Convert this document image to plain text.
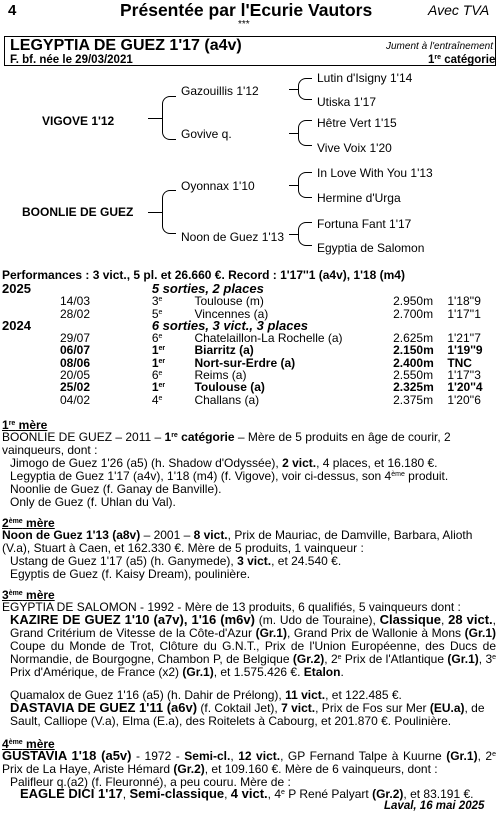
4	Présentée par l'Ecurie Vautors
***
Avec TVA
LEGYPTIA DE GUEZ 1'17 (a4v)	Jument à l'entraînement
F. bf. née le 29/03/2021	1re catégorie
VIGOVE 1'12
BOONLIE DE GUEZ
Gazouillis 1'12
Govive q.
Oyonnax 1'10
Noon de Guez 1'13
Lutin d'Isigny 1'14
Utiska 1'17
Hêtre Vert 1'15
Vive Voix 1'20
In Love With You 1'13
Hermine d'Urga
Fortuna Fant 1'17
Egyptia de Salomon
Performances : 3 vict., 5 pl. et 26.660 €. Record : 1'17''1 (a4v), 1'18 (m4)
2025	5 sorties, 2 places			
14/03	3e	Toulouse (m)	2.950m	1'18''9
28/02	5e	Vincennes (a)	2.700m	1'17''1
2024	6 sorties, 3 vict., 3 places			
29/07	6e	Chatelaillon-La Rochelle (a)	2.625m	1'21''7
06/07	1er	Biarritz (a)	2.150m	1'19''9
08/06	1er	Nort-sur-Erdre (a)	2.400m	TNC
20/05	6e	Reims (a)	2.550m	1'17''3
25/02	1er	Toulouse (a)	2.325m	1'20''4
04/02	4e	Challans (a)	2.375m	1'20''6
1re mère
BOONLIE DE GUEZ – 2011 – 1re catégorie – Mère de 5 produits en âge de courir, 2 vainqueurs, dont :
Jimogo de Guez 1'26 (a5) (h. Shadow d'Odyssée), 2 vict., 4 places, et 16.180 €.
Legyptia de Guez 1'17 (a4v), 1'18 (m4) (f. Vigove), voir ci-dessus, son 4ème produit.
Noonlie de Guez (f. Ganay de Banville).
Only de Guez (f. Uhlan du Val).
2ème mère
Noon de Guez 1'13 (a8v) – 2001 – 8 vict., Prix de Mauriac, de Damville, Barbara, Alioth (V.a), Stuart à Caen, et 162.330 €. Mère de 5 produits, 1 vainqueur :
Ustang de Guez 1'17 (a5) (h. Ganymede), 3 vict., et 24.540 €.
Egyptis de Guez (f. Kaisy Dream), poulinière.
3ème mère
EGYPTIA DE SALOMON - 1992 - Mère de 13 produits, 6 qualifiés, 5 vainqueurs dont :
KAZIRE DE GUEZ 1'10 (a7v), 1'16 (m6v) (m. Udo de Touraine), Classique, 28 vict., Grand Critérium de Vitesse de la Côte-d'Azur (Gr.1), Grand Prix de Wallonie à Mons (Gr.1) Coupe du Monde de Trot, Clôture du G.N.T., Prix de l'Union Européenne, des Ducs de Normandie, de Bourgogne, Chambon P, de Belgique (Gr.2), 2e Prix de l'Atlantique (Gr.1), 3e Prix d'Amérique, de France (x2) (Gr.1), et 1.575.426 €. Etalon.
Quamalox de Guez 1'16 (a5) (h. Dahir de Prélong), 11 vict., et 122.485 €.
DASTAVIA DE GUEZ 1'11 (a6v) (f. Coktail Jet), 7 vict., Prix de Fos sur Mer (EU.a), de Sault, Calliope (V.a), Elma (E.a), des Roitelets à Cabourg, et 201.870 €. Poulinière.
4ème mère
GUSTAVIA 1'18 (a5v) - 1972 - Semi-cl., 12 vict., GP Fernand Talpe à Kuurne (Gr.1), 2e Prix de La Haye, Ariste Hémard (Gr.2), et 109.160 €. Mère de 6 vainqueurs, dont :
Palifleur q.(a2) (f. Fleuronné), a peu couru. Mère de :
EAGLE DICI 1'17, Semi-classique, 4 vict., 4e P René Palyart (Gr.2), et 83.191 €.
Laval, 16 mai 2025
